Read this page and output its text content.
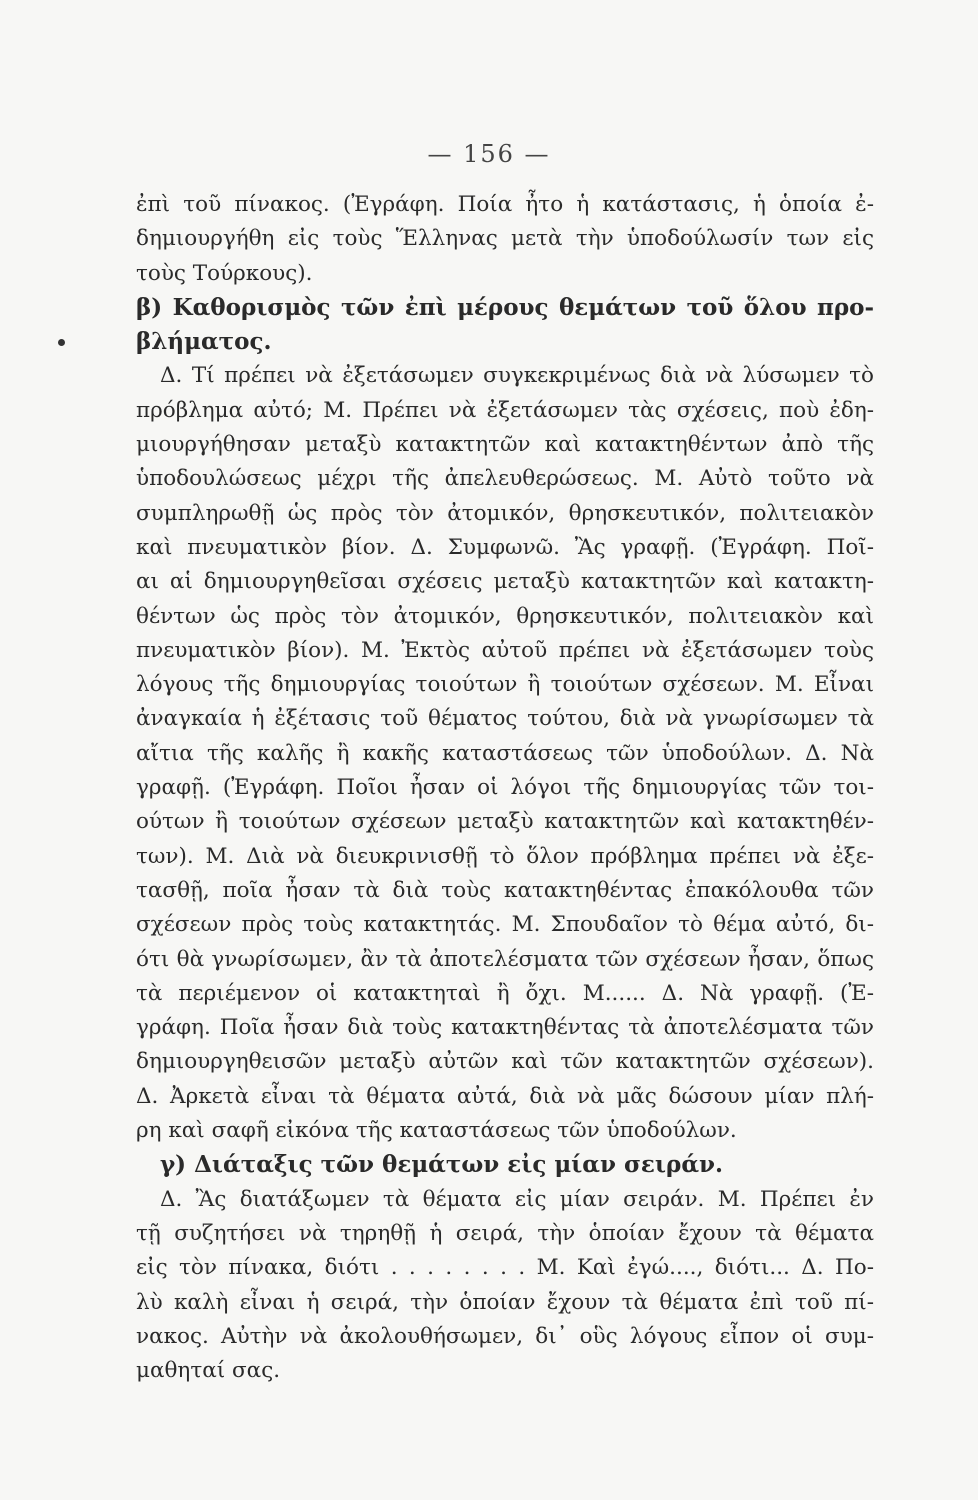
— 156 —
ἐπὶ τοῦ πίνακος. (Ἐγράφη. Ποία ἦτο ἡ κατάστασις, ἡ ὁποία ἐ-
δημιουργήθη εἰς τοὺς Ἕλληνας μετὰ τὴν ὑποδούλωσίν των εἰς
τοὺς Τούρκους).
β) Καθορισμὸς τῶν ἐπὶ μέρους θεμάτων τοῦ ὅλου προ-
βλήματος.
Δ. Τί πρέπει νὰ ἐξετάσωμεν συγκεκριμένως διὰ νὰ λύσωμεν τὸ
πρόβλημα αὐτό; Μ. Πρέπει νὰ ἐξετάσωμεν τὰς σχέσεις, ποὺ ἐδη-
μιουργήθησαν μεταξὺ κατακτητῶν καὶ κατακτηθέντων ἀπὸ τῆς
ὑποδουλώσεως μέχρι τῆς ἀπελευθερώσεως. Μ. Αὐτὸ τοῦτο νὰ
συμπληρωθῇ ὡς πρὸς τὸν ἀτομικόν, θρησκευτικόν, πολιτειακὸν
καὶ πνευματικὸν βίον. Δ. Συμφωνῶ. Ἂς γραφῇ. (Ἐγράφη. Ποῖ-
αι αἱ δημιουργηθεῖσαι σχέσεις μεταξὺ κατακτητῶν καὶ κατακτη-
θέντων ὡς πρὸς τὸν ἀτομικόν, θρησκευτικόν, πολιτειακὸν καὶ
πνευματικὸν βίον). Μ. Ἐκτὸς αὐτοῦ πρέπει νὰ ἐξετάσωμεν τοὺς
λόγους τῆς δημιουργίας τοιούτων ἢ τοιούτων σχέσεων. Μ. Εἶναι
ἀναγκαία ἡ ἐξέτασις τοῦ θέματος τούτου, διὰ νὰ γνωρίσωμεν τὰ
αἴτια τῆς καλῆς ἢ κακῆς καταστάσεως τῶν ὑποδούλων. Δ. Νὰ
γραφῇ. (Ἐγράφη. Ποῖοι ἦσαν οἱ λόγοι τῆς δημιουργίας τῶν τοι-
ούτων ἢ τοιούτων σχέσεων μεταξὺ κατακτητῶν καὶ κατακτηθέν-
των). Μ. Διὰ νὰ διευκρινισθῇ τὸ ὅλον πρόβλημα πρέπει νὰ ἐξε-
τασθῇ, ποῖα ἦσαν τὰ διὰ τοὺς κατακτηθέντας ἐπακόλουθα τῶν
σχέσεων πρὸς τοὺς κατακτητάς. Μ. Σπουδαῖον τὸ θέμα αὐτό, δι-
ότι θὰ γνωρίσωμεν, ἂν τὰ ἀποτελέσματα τῶν σχέσεων ἦσαν, ὅπως
τὰ περιέμενον οἱ κατακτηταὶ ἢ ὄχι. Μ...... Δ. Νὰ γραφῇ. (Ἐ-
γράφη. Ποῖα ἦσαν διὰ τοὺς κατακτηθέντας τὰ ἀποτελέσματα τῶν
δημιουργηθεισῶν μεταξὺ αὐτῶν καὶ τῶν κατακτητῶν σχέσεων).
Δ. Ἀρκετὰ εἶναι τὰ θέματα αὐτά, διὰ νὰ μᾶς δώσουν μίαν πλή-
ρη καὶ σαφῆ εἰκόνα τῆς καταστάσεως τῶν ὑποδούλων.
γ) Διάταξις τῶν θεμάτων εἰς μίαν σειράν.
Δ. Ἂς διατάξωμεν τὰ θέματα εἰς μίαν σειράν. Μ. Πρέπει ἐν
τῇ συζητήσει νὰ τηρηθῇ ἡ σειρά, τὴν ὁποίαν ἔχουν τὰ θέματα
εἰς τὸν πίνακα, διότι . . . . . . . . Μ. Καὶ ἐγώ...., διότι... Δ. Πο-
λὺ καλὴ εἶναι ἡ σειρά, τὴν ὁποίαν ἔχουν τὰ θέματα ἐπὶ τοῦ πί-
νακος. Αὐτὴν νὰ ἀκολουθήσωμεν, δι᾽ οὓς λόγους εἶπον οἱ συμ-
μαθηταί σας.
